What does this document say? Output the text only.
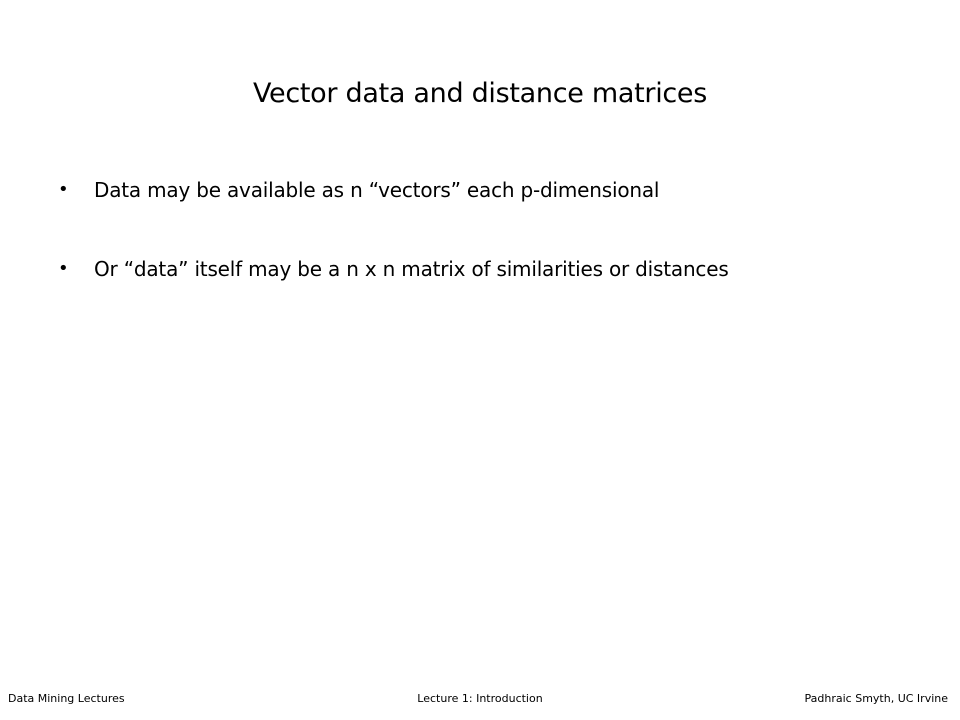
Vector data and distance matrices
• Data may be available as n “vectors” each p-dimensional
• Or “data” itself may be a n x n matrix of similarities or distances
Data Mining Lectures	Lecture 1: Introduction	Padhraic Smyth, UC Irvine
